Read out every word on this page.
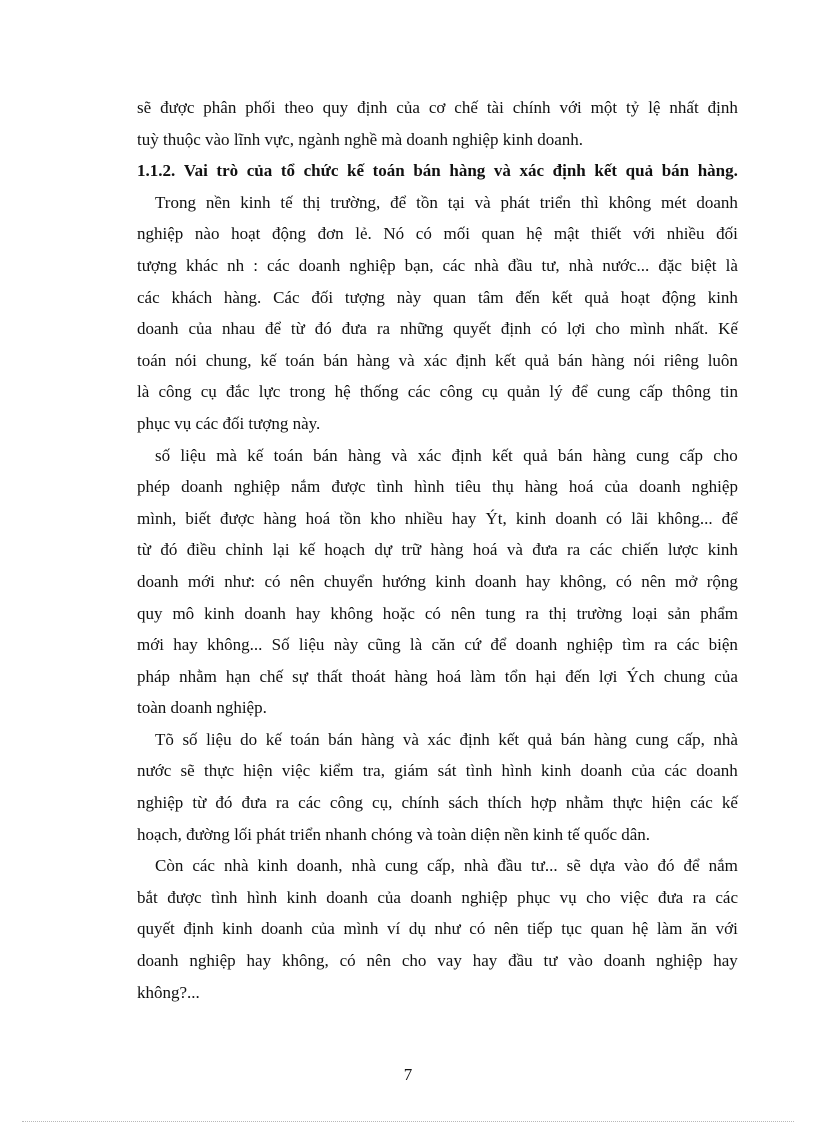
sẽ được phân phối theo quy định của cơ chế tài chính với một tỷ lệ nhất định
tuỳ thuộc vào lĩnh vực, ngành nghề mà doanh nghiệp kinh doanh.
1.1.2. Vai trò của tổ chức kế toán bán hàng và xác định kết quả bán hàng.
Trong nền kinh tế thị trường, để tồn tại và phát triển thì không mét doanh
nghiệp nào hoạt động đơn lẻ. Nó có mối quan hệ mật thiết với nhiều đối
tượng khác nh : các doanh nghiệp bạn, các nhà đầu tư, nhà nước... đặc biệt là
các khách hàng. Các đối tượng này quan tâm đến kết quả hoạt động kinh
doanh của nhau để từ đó đưa ra những quyết định có lợi cho mình nhất. Kế
toán nói chung, kế toán bán hàng và xác định kết quả bán hàng nói riêng luôn
là công cụ đắc lực trong hệ thống các công cụ quản lý để cung cấp thông tin
phục vụ các đối tượng này.
số liệu mà kế toán bán hàng và xác định kết quả bán hàng cung cấp cho
phép doanh nghiệp nắm được tình hình tiêu thụ hàng hoá của doanh nghiệp
mình, biết được hàng hoá tồn kho nhiều hay Ýt, kinh doanh có lãi không... để
từ đó điều chỉnh lại kế hoạch dự trữ hàng hoá và đưa ra các chiến lược kinh
doanh mới như: có nên chuyển hướng kinh doanh hay không, có nên mở rộng
quy mô kinh doanh hay không hoặc có nên tung ra thị trường loại sản phẩm
mới hay không... Số liệu này cũng là căn cứ để doanh nghiệp tìm ra các biện
pháp nhằm hạn chế sự thất thoát hàng hoá làm tổn hại đến lợi Ých chung của
toàn doanh nghiệp.
Tõ số liệu do kế toán bán hàng và xác định kết quả bán hàng cung cấp, nhà
nước sẽ thực hiện việc kiểm tra, giám sát tình hình kinh doanh của các doanh
nghiệp từ đó đưa ra các công cụ, chính sách thích hợp nhằm thực hiện các kế
hoạch, đường lối phát triển nhanh chóng và toàn diện nền kinh tế quốc dân.
Còn các nhà kinh doanh, nhà cung cấp, nhà đầu tư... sẽ dựa vào đó để nắm
bắt được tình hình kinh doanh của doanh nghiệp phục vụ cho việc đưa ra các
quyết định kinh doanh của mình ví dụ như có nên tiếp tục quan hệ làm ăn với
doanh nghiệp hay không, có nên cho vay hay đầu tư vào doanh nghiệp hay
không?...
7
